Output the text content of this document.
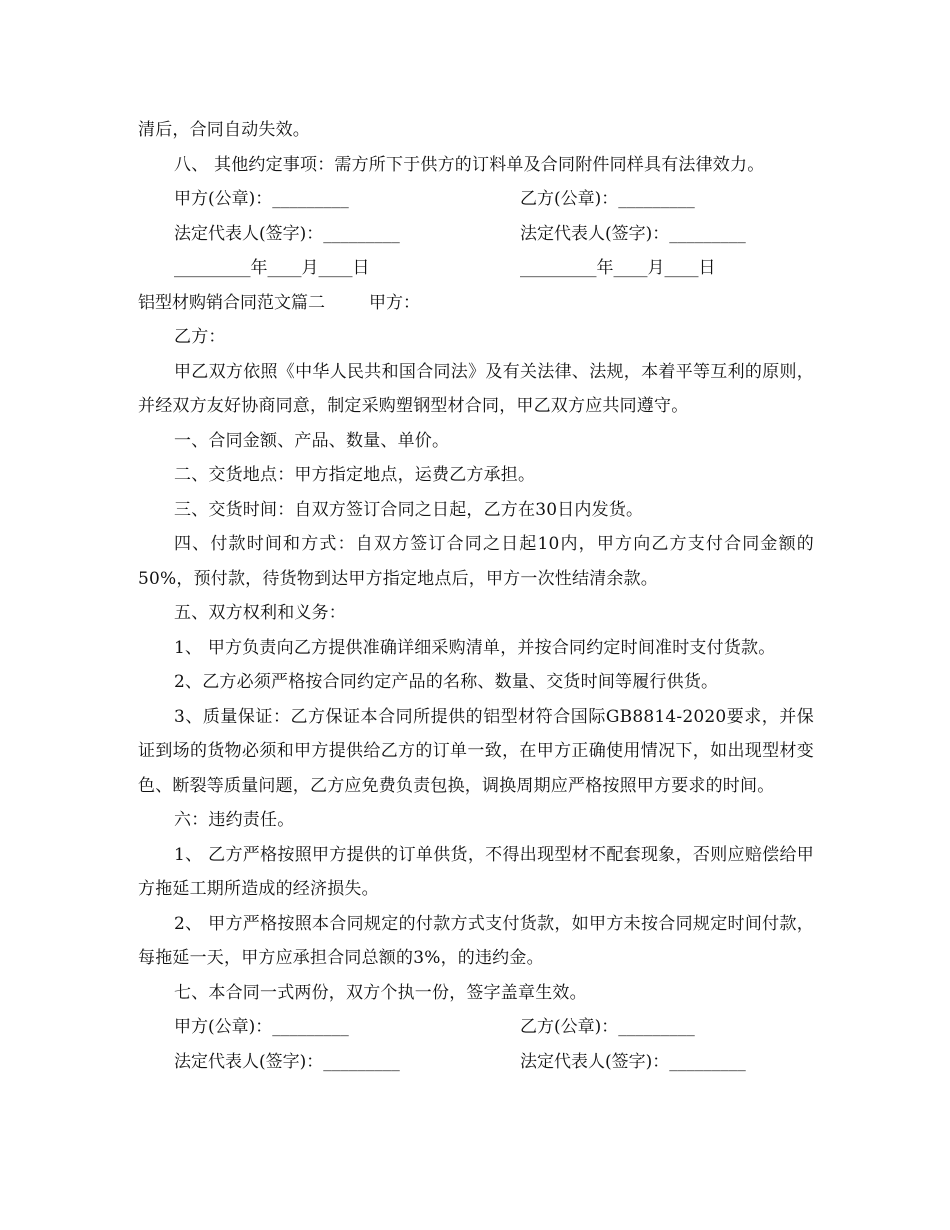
清后，合同自动失效。
八、 其他约定事项：需方所下于供方的订料单及合同附件同样具有法律效力。
甲方(公章)：_________	乙方(公章)：_________
法定代表人(签字)：_________	法定代表人(签字)：_________
_________年____月____日	_________年____月____日
铝型材购销合同范文篇二	甲方：
乙方：
甲乙双方依照《中华人民共和国合同法》及有关法律、法规，本着平等互利的原则，并经双方友好协商同意，制定采购塑钢型材合同，甲乙双方应共同遵守。
一、合同金额、产品、数量、单价。
二、交货地点：甲方指定地点，运费乙方承担。
三、交货时间：自双方签订合同之日起，乙方在30日内发货。
四、付款时间和方式：自双方签订合同之日起10内，甲方向乙方支付合同金额的50%，预付款，待货物到达甲方指定地点后，甲方一次性结清余款。
五、双方权利和义务：
1、 甲方负责向乙方提供准确详细采购清单，并按合同约定时间准时支付货款。
2、乙方必须严格按合同约定产品的名称、数量、交货时间等履行供货。
3、质量保证：乙方保证本合同所提供的铝型材符合国际GB8814-2020要求，并保证到场的货物必须和甲方提供给乙方的订单一致，在甲方正确使用情况下，如出现型材变色、断裂等质量问题，乙方应免费负责包换，调换周期应严格按照甲方要求的时间。
六：违约责任。
1、 乙方严格按照甲方提供的订单供货，不得出现型材不配套现象，否则应赔偿给甲方拖延工期所造成的经济损失。
2、 甲方严格按照本合同规定的付款方式支付货款，如甲方未按合同规定时间付款，每拖延一天，甲方应承担合同总额的3%，的违约金。
七、本合同一式两份，双方个执一份，签字盖章生效。
甲方(公章)：_________	乙方(公章)：_________
法定代表人(签字)：_________	法定代表人(签字)：_________
